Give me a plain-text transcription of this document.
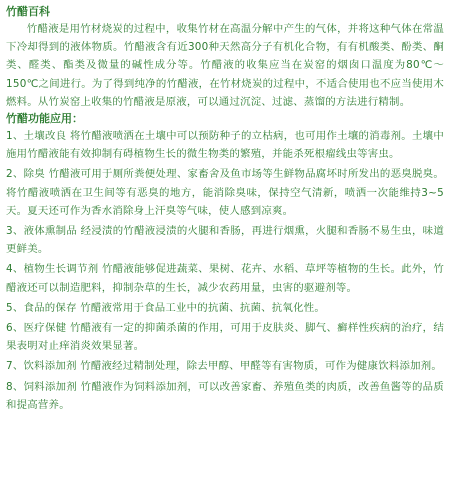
竹醋百科

竹醋液是用竹材烧炭的过程中，收集竹材在高温分解中产生的气体，并将这种气体在常温下冷却得到的液体物质。竹醋液含有近300种天然高分子有机化合物，有有机酸类、酚类、酮类、醛类、酯类及微量的碱性成分等。竹醋液的收集应当在炭窑的烟囱口温度为80℃～150℃之间进行。为了得到纯净的竹醋液，在竹材烧炭的过程中，不适合使用也不应当使用木燃料。从竹炭窑上收集的竹醋液是原液，可以通过沉淀、过滤、蒸馏的方法进行精制。

竹醋功能应用：

1、土壤改良 将竹醋液喷洒在土壤中可以预防种子的立枯病，也可用作土壤的消毒剂。土壤中施用竹醋液能有效抑制有碍植物生长的微生物类的繁殖，并能杀死根瘤线虫等害虫。

2、除臭 竹醋液可用于厕所粪便处理、家畜舍及鱼市场等生鲜物品腐坏时所发出的恶臭脱臭。将竹醋液喷洒在卫生间等有恶臭的地方，能消除臭味，保持空气清新，喷洒一次能维持3~5天。夏天还可作为香水消除身上汗臭等气味，使人感到凉爽。

3、液体熏制品 经浸渍的竹醋液浸渍的火腿和香肠，再进行烟熏，火腿和香肠不易生虫，味道更鲜美。

4、植物生长调节剂 竹醋液能够促进蔬菜、果树、花卉、水稻、草坪等植物的生长。此外，竹醋液还可以制造肥料，抑制杂草的生长，减少农药用量，虫害的驱避剂等。

5、食品的保存 竹醋液常用于食品工业中的抗菌、抗菌、抗氧化性。

6、医疗保健 竹醋液有一定的抑菌杀菌的作用，可用于皮肤炎、脚气、癣样性疾病的治疗，结果表明对止痒消炎效果显著。

7、饮料添加剂 竹醋液经过精制处理，除去甲醇、甲醛等有害物质，可作为健康饮料添加剂。

8、饲料添加剂 竹醋液作为饲料添加剂，可以改善家畜、养殖鱼类的肉质，改善鱼酱等的品质和提高营养。
